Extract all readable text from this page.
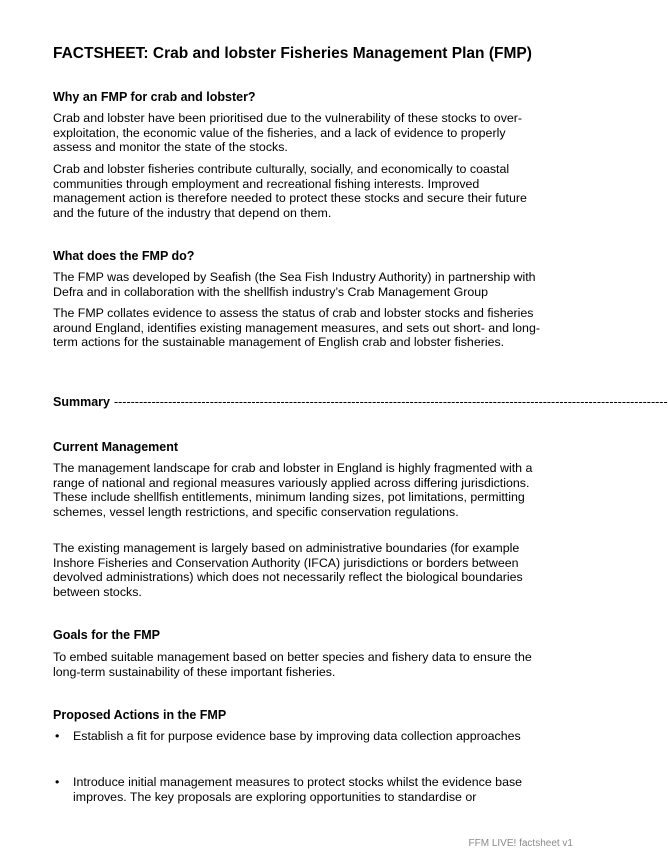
FACTSHEET: Crab and lobster Fisheries Management Plan (FMP)
Why an FMP for crab and lobster?
Crab and lobster have been prioritised due to the vulnerability of these stocks to over-exploitation, the economic value of the fisheries, and a lack of evidence to properly assess and monitor the state of the stocks.
Crab and lobster fisheries contribute culturally, socially, and economically to coastal communities through employment and recreational fishing interests. Improved management action is therefore needed to protect these stocks and secure their future and the future of the industry that depend on them.
What does the FMP do?
The FMP was developed by Seafish (the Sea Fish Industry Authority) in partnership with Defra and in collaboration with the shellfish industry’s Crab Management Group
The FMP collates evidence to assess the status of crab and lobster stocks and fisheries around England, identifies existing management measures, and sets out short- and long-term actions for the sustainable management of English crab and lobster fisheries.
Summary -------------------------------------------------------------------------------------------------------------------------------------
Current Management
The management landscape for crab and lobster in England is highly fragmented with a range of national and regional measures variously applied across differing jurisdictions. These include shellfish entitlements, minimum landing sizes, pot limitations, permitting schemes, vessel length restrictions, and specific conservation regulations.
The existing management is largely based on administrative boundaries (for example Inshore Fisheries and Conservation Authority (IFCA) jurisdictions or borders between devolved administrations) which does not necessarily reflect the biological boundaries between stocks.
Goals for the FMP
To embed suitable management based on better species and fishery data to ensure the long-term sustainability of these important fisheries.
Proposed Actions in the FMP
• Establish a fit for purpose evidence base by improving data collection approaches
• Introduce initial management measures to protect stocks whilst the evidence base improves. The key proposals are exploring opportunities to standardise or
FFM LIVE! factsheet v1
